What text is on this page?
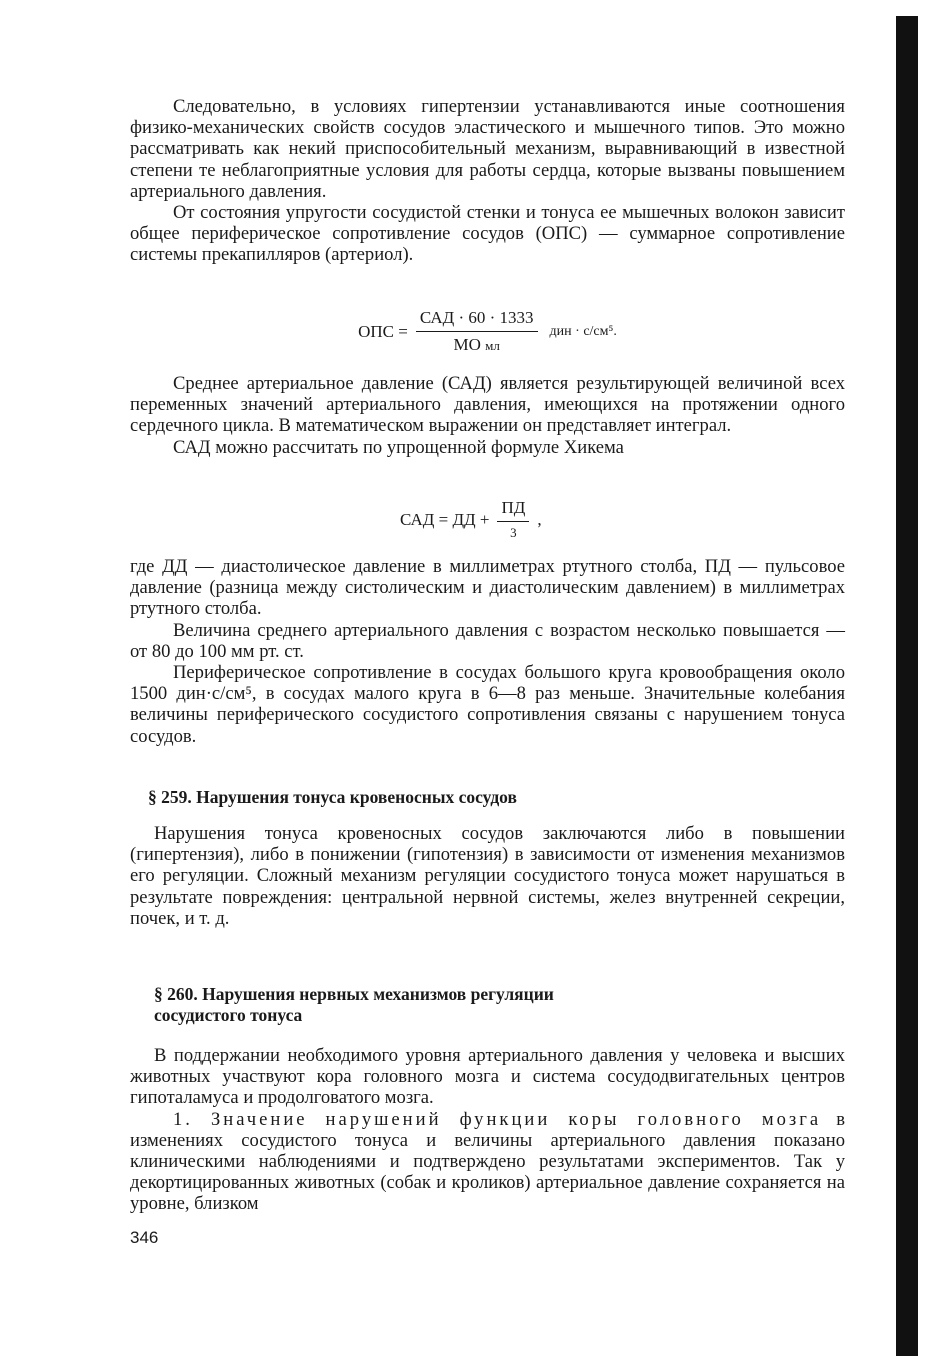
Следовательно, в условиях гипертензии устанавливаются иные соотношения физико-механических свойств сосудов эластического и мышечного типов. Это можно рассматривать как некий приспособительный механизм, выравнивающий в известной степени те неблагоприятные условия для работы сердца, которые вызваны повышением артериального давления.

От состояния упругости сосудистой стенки и тонуса ее мышечных волокон зависит общее периферическое сопротивление сосудов (ОПС) — суммарное сопротивление системы прекапилляров (артериол).

ОПС = $\frac{\text{САД · 60 · 1333}}{\text{МО мл}}$ дин · с/см⁵.

Среднее артериальное давление (САД) является результирующей величиной всех переменных значений артериального давления, имеющихся на протяжении одного сердечного цикла. В математическом выражении он представляет интеграл.

САД можно рассчитать по упрощенной формуле Хикема

САД = ДД + $\frac{ПД}{3}$ ,

где ДД — диастолическое давление в миллиметрах ртутного столба, ПД — пульсовое давление (разница между систолическим и диастолическим давлением) в миллиметрах ртутного столба.

Величина среднего артериального давления с возрастом несколько повышается — от 80 до 100 мм рт. ст.

Периферическое сопротивление в сосудах большого круга кровообращения около 1500 дин·с/см⁵, в сосудах малого круга в 6—8 раз меньше. Значительные колебания величины периферического сосудистого сопротивления связаны с нарушением тонуса сосудов.

§ 259. Нарушения тонуса кровеносных сосудов

Нарушения тонуса кровеносных сосудов заключаются либо в повышении (гипертензия), либо в понижении (гипотензия) в зависимости от изменения механизмов его регуляции. Сложный механизм регуляции сосудистого тонуса может нарушаться в результате повреждения: центральной нервной системы, желез внутренней секреции, почек, и т. д.

§ 260. Нарушения нервных механизмов регуляции

сосудистого тонуса

В поддержании необходимого уровня артериального давления у человека и высших животных участвуют кора головного мозга и система сосудодвигательных центров гипоталамуса и продолговатого мозга.

1. Значение нарушений функции коры головного мозга в изменениях сосудистого тонуса и величины артериального давления показано клиническими наблюдениями и подтверждено результатами экспериментов. Так у декортицированных животных (собак и кроликов) артериальное давление сохраняется на уровне, близком

346
